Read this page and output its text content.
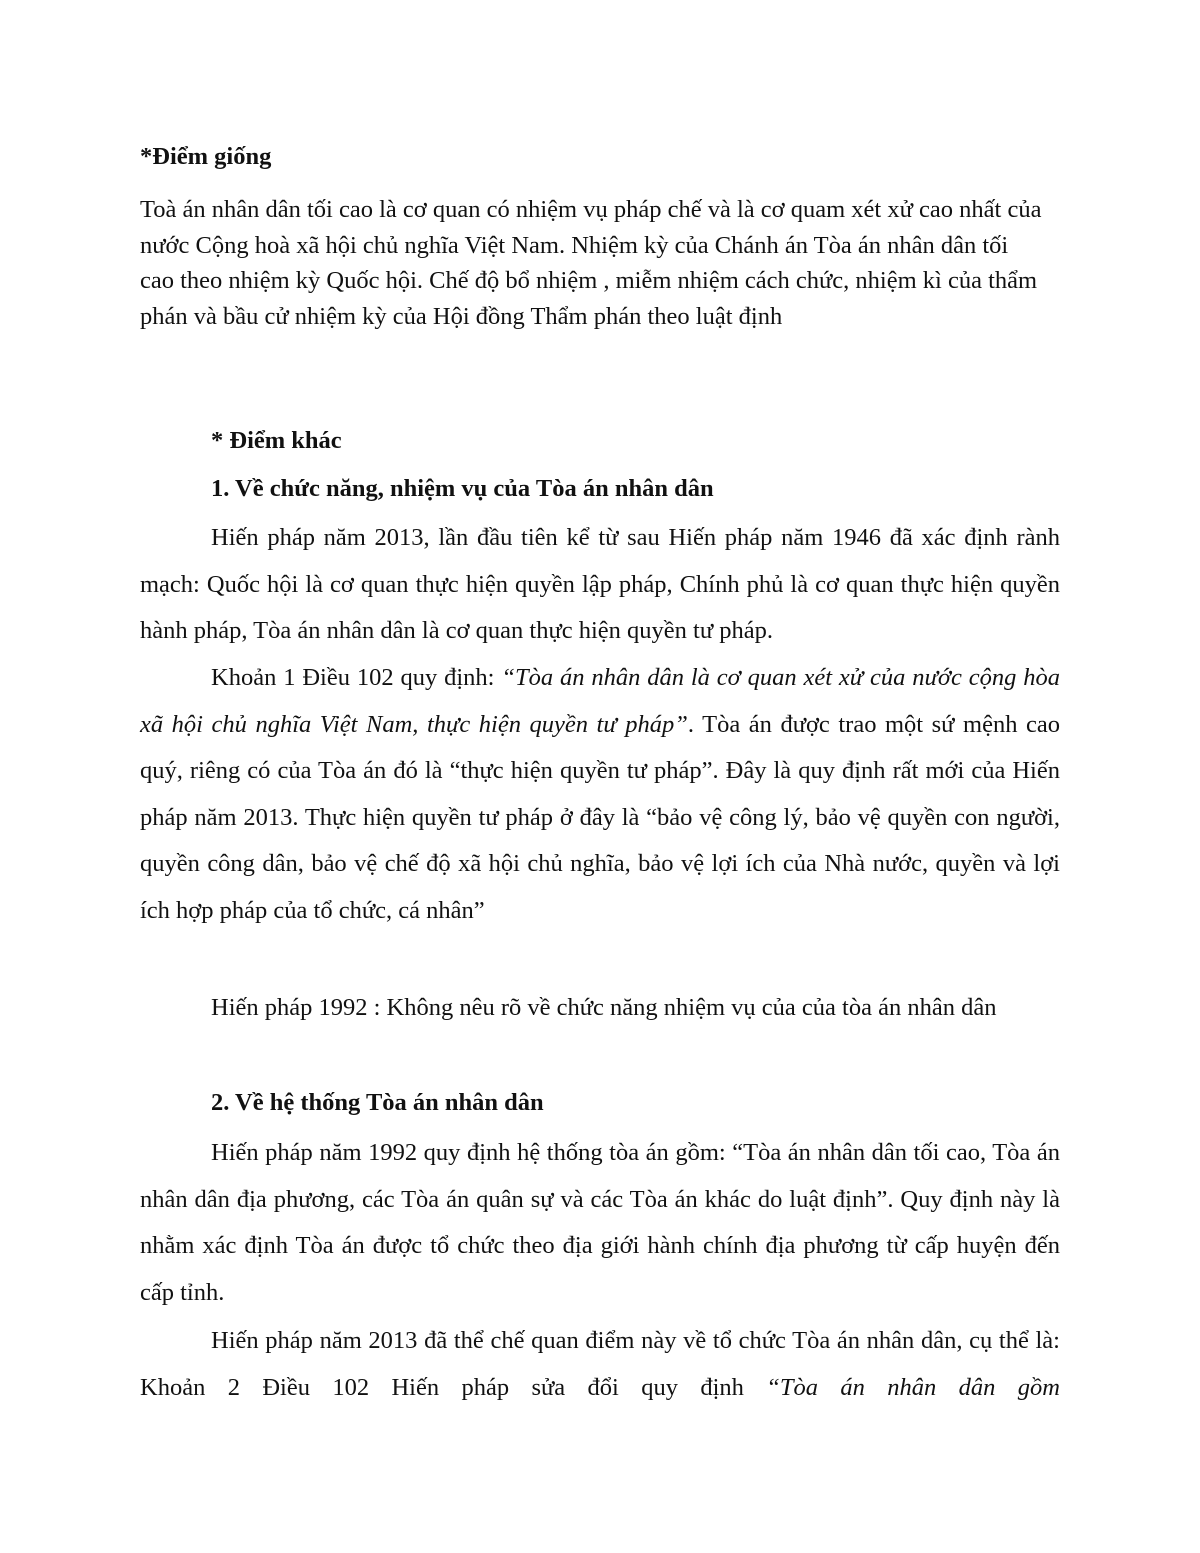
*Điểm giống

Toà án nhân dân tối cao là cơ quan có nhiệm vụ pháp chế và là cơ quam xét xử cao nhất của nước Cộng hoà xã hội chủ nghĩa Việt Nam. Nhiệm kỳ của Chánh án Tòa án nhân dân tối cao theo nhiệm kỳ Quốc hội. Chế độ bổ nhiệm , miễm nhiệm cách chức, nhiệm kì của thẩm phán và bầu cử nhiệm kỳ của Hội đồng Thẩm phán theo luật định

* Điểm khác

1. Về chức năng, nhiệm vụ của Tòa án nhân dân

Hiến pháp năm 2013, lần đầu tiên kể từ sau Hiến pháp năm 1946 đã xác định rành mạch: Quốc hội là cơ quan thực hiện quyền lập pháp, Chính phủ là cơ quan thực hiện quyền hành pháp, Tòa án nhân dân là cơ quan thực hiện quyền tư pháp.

Khoản 1 Điều 102 quy định: “Tòa án nhân dân là cơ quan xét xử của nước cộng hòa xã hội chủ nghĩa Việt Nam, thực hiện quyền tư pháp”. Tòa án được trao một sứ mệnh cao quý, riêng có của Tòa án đó là “thực hiện quyền tư pháp”. Đây là quy định rất mới của Hiến pháp năm 2013. Thực hiện quyền tư pháp ở đây là “bảo vệ công lý, bảo vệ quyền con người, quyền công dân, bảo vệ chế độ xã hội chủ nghĩa, bảo vệ lợi ích của Nhà nước, quyền và lợi ích hợp pháp của tổ chức, cá nhân”

Hiến pháp 1992 : Không nêu rõ về chức năng nhiệm vụ của của tòa án nhân dân

2. Về hệ thống Tòa án nhân dân

Hiến pháp năm 1992 quy định hệ thống tòa án gồm: “Tòa án nhân dân tối cao, Tòa án nhân dân địa phương, các Tòa án quân sự và các Tòa án khác do luật định”. Quy định này là nhằm xác định Tòa án được tổ chức theo địa giới hành chính địa phương từ cấp huyện đến cấp tỉnh.

Hiến pháp năm 2013 đã thể chế quan điểm này về tổ chức Tòa án nhân dân, cụ thể là: Khoản 2 Điều 102 Hiến pháp sửa đổi quy định “Tòa án nhân dân gồm
